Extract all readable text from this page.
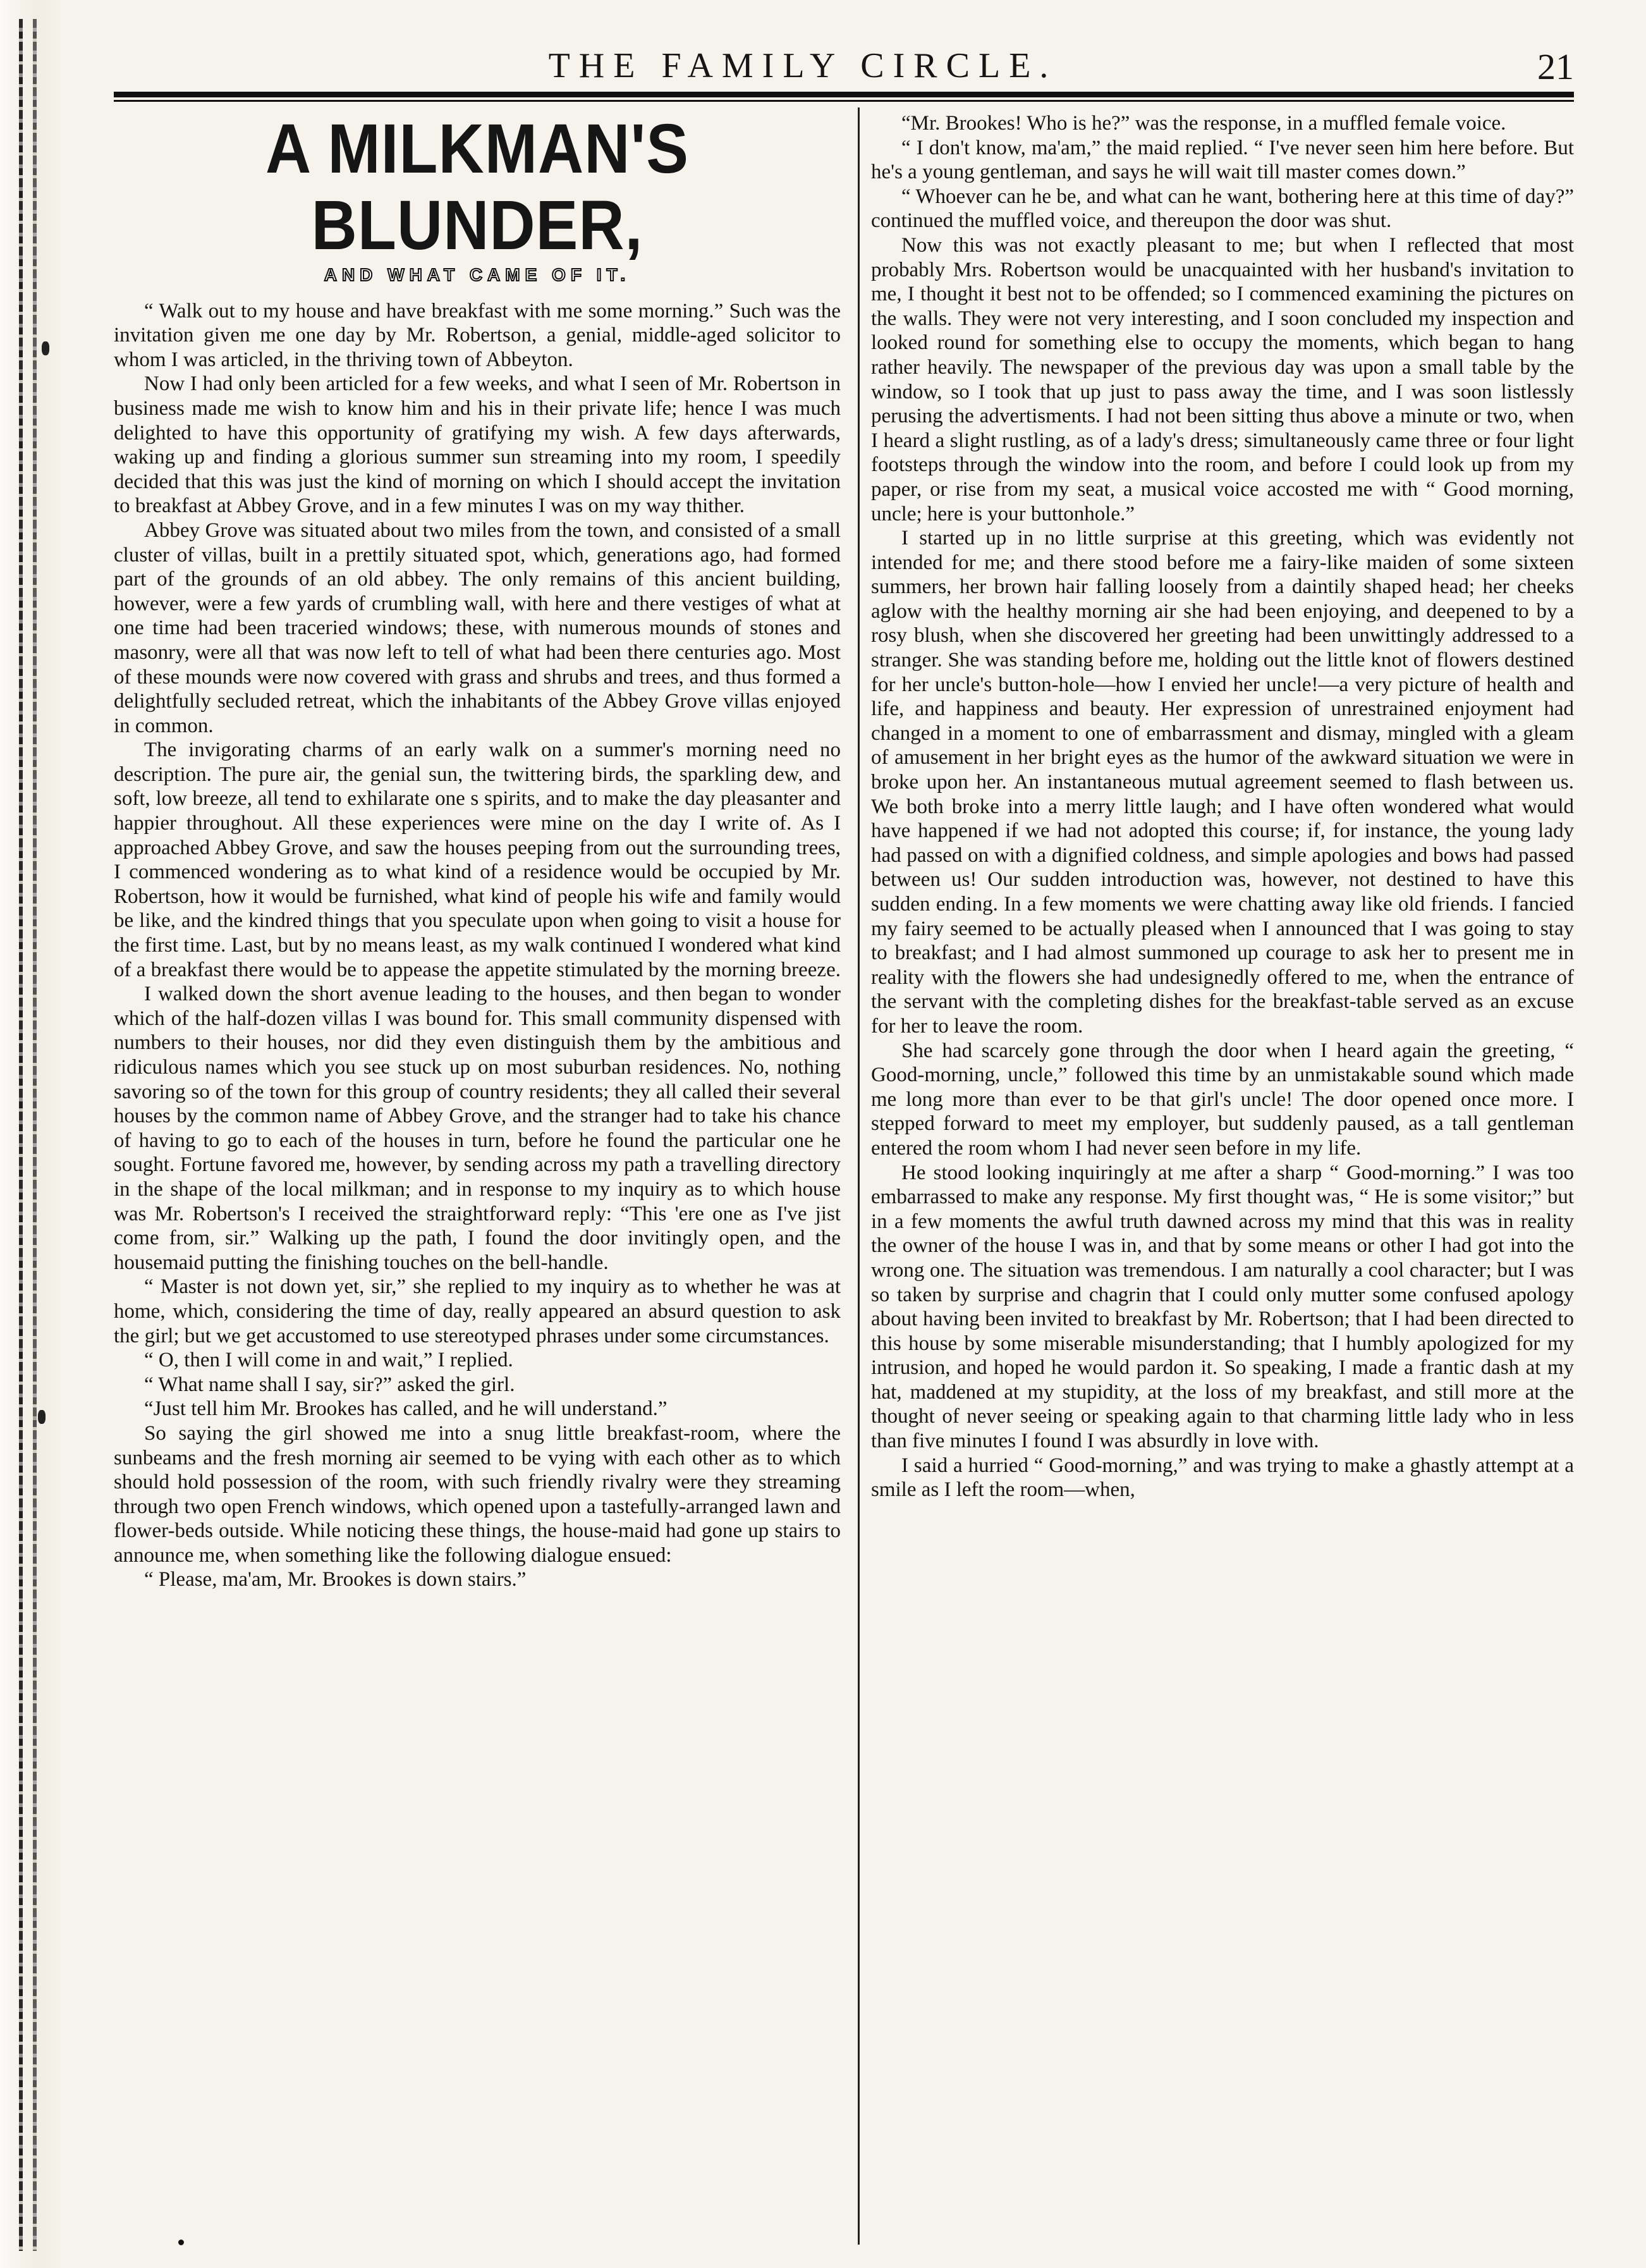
THE FAMILY CIRCLE.	21
A MILKMAN'S BLUNDER,
AND WHAT CAME OF IT.

“ Walk out to my house and have breakfast with me some morning.” Such was the invitation given me one day by Mr. Robertson, a genial, middle-aged solicitor to whom I was articled, in the thriving town of Abbeyton.

Now I had only been articled for a few weeks, and what I seen of Mr. Robertson in business made me wish to know him and his in their private life; hence I was much delighted to have this opportunity of gratifying my wish. A few days afterwards, waking up and finding a glorious summer sun streaming into my room, I speedily decided that this was just the kind of morning on which I should accept the invitation to breakfast at Abbey Grove, and in a few minutes I was on my way thither.

Abbey Grove was situated about two miles from the town, and consisted of a small cluster of villas, built in a prettily situated spot, which, generations ago, had formed part of the grounds of an old abbey. The only remains of this ancient building, however, were a few yards of crumbling wall, with here and there vestiges of what at one time had been traceried windows; these, with numerous mounds of stones and masonry, were all that was now left to tell of what had been there centuries ago. Most of these mounds were now covered with grass and shrubs and trees, and thus formed a delightfully secluded retreat, which the inhabitants of the Abbey Grove villas enjoyed in common.

The invigorating charms of an early walk on a summer's morning need no description. The pure air, the genial sun, the twittering birds, the sparkling dew, and soft, low breeze, all tend to exhilarate one s spirits, and to make the day pleasanter and happier throughout. All these experiences were mine on the day I write of. As I approached Abbey Grove, and saw the houses peeping from out the surrounding trees, I commenced wondering as to what kind of a residence would be occupied by Mr. Robertson, how it would be furnished, what kind of people his wife and family would be like, and the kindred things that you speculate upon when going to visit a house for the first time. Last, but by no means least, as my walk continued I wondered what kind of a breakfast there would be to appease the appetite stimulated by the morning breeze.

I walked down the short avenue leading to the houses, and then began to wonder which of the half-dozen villas I was bound for. This small community dispensed with numbers to their houses, nor did they even distinguish them by the ambitious and ridiculous names which you see stuck up on most suburban residences. No, nothing savoring so of the town for this group of country residents; they all called their several houses by the common name of Abbey Grove, and the stranger had to take his chance of having to go to each of the houses in turn, before he found the particular one he sought. Fortune favored me, however, by sending across my path a travelling directory in the shape of the local milkman; and in response to my inquiry as to which house was Mr. Robertson's I received the straightforward reply: “This 'ere one as I've jist come from, sir.” Walking up the path, I found the door invitingly open, and the housemaid putting the finishing touches on the bell-handle.

“ Master is not down yet, sir,” she replied to my inquiry as to whether he was at home, which, considering the time of day, really appeared an absurd question to ask the girl; but we get accustomed to use stereotyped phrases under some circumstances.

“ O, then I will come in and wait,” I replied.

“ What name shall I say, sir?” asked the girl.

“Just tell him Mr. Brookes has called, and he will understand.”

So saying the girl showed me into a snug little breakfast-room, where the sunbeams and the fresh morning air seemed to be vying with each other as to which should hold possession of the room, with such friendly rivalry were they streaming through two open French windows, which opened upon a tastefully-arranged lawn and flower-beds outside. While noticing these things, the house-maid had gone up stairs to announce me, when something like the following dialogue ensued:

“ Please, ma'am, Mr. Brookes is down stairs.”

“Mr. Brookes! Who is he?” was the response, in a muffled female voice.

“ I don't know, ma'am,” the maid replied. “ I've never seen him here before. But he's a young gentleman, and says he will wait till master comes down.”

“ Whoever can he be, and what can he want, bothering here at this time of day?” continued the muffled voice, and thereupon the door was shut.

Now this was not exactly pleasant to me; but when I reflected that most probably Mrs. Robertson would be unacquainted with her husband's invitation to me, I thought it best not to be offended; so I commenced examining the pictures on the walls. They were not very interesting, and I soon concluded my inspection and looked round for something else to occupy the moments, which began to hang rather heavily. The newspaper of the previous day was upon a small table by the window, so I took that up just to pass away the time, and I was soon listlessly perusing the advertisments. I had not been sitting thus above a minute or two, when I heard a slight rustling, as of a lady's dress; simultaneously came three or four light footsteps through the window into the room, and before I could look up from my paper, or rise from my seat, a musical voice accosted me with “ Good morning, uncle; here is your buttonhole.”

I started up in no little surprise at this greeting, which was evidently not intended for me; and there stood before me a fairy-like maiden of some sixteen summers, her brown hair falling loosely from a daintily shaped head; her cheeks aglow with the healthy morning air she had been enjoying, and deepened to by a rosy blush, when she discovered her greeting had been unwittingly addressed to a stranger. She was standing before me, holding out the little knot of flowers destined for her uncle's button-hole—how I envied her uncle!—a very picture of health and life, and happiness and beauty. Her expression of unrestrained enjoyment had changed in a moment to one of embarrassment and dismay, mingled with a gleam of amusement in her bright eyes as the humor of the awkward situation we were in broke upon her. An instantaneous mutual agreement seemed to flash between us. We both broke into a merry little laugh; and I have often wondered what would have happened if we had not adopted this course; if, for instance, the young lady had passed on with a dignified coldness, and simple apologies and bows had passed between us! Our sudden introduction was, however, not destined to have this sudden ending. In a few moments we were chatting away like old friends. I fancied my fairy seemed to be actually pleased when I announced that I was going to stay to breakfast; and I had almost summoned up courage to ask her to present me in reality with the flowers she had undesignedly offered to me, when the entrance of the servant with the completing dishes for the breakfast-table served as an excuse for her to leave the room.

She had scarcely gone through the door when I heard again the greeting, “ Good-morning, uncle,” followed this time by an unmistakable sound which made me long more than ever to be that girl's uncle! The door opened once more. I stepped forward to meet my employer, but suddenly paused, as a tall gentleman entered the room whom I had never seen before in my life.

He stood looking inquiringly at me after a sharp “ Good-morning.” I was too embarrassed to make any response. My first thought was, “ He is some visitor;” but in a few moments the awful truth dawned across my mind that this was in reality the owner of the house I was in, and that by some means or other I had got into the wrong one. The situation was tremendous. I am naturally a cool character; but I was so taken by surprise and chagrin that I could only mutter some confused apology about having been invited to breakfast by Mr. Robertson; that I had been directed to this house by some miserable misunderstanding; that I humbly apologized for my intrusion, and hoped he would pardon it. So speaking, I made a frantic dash at my hat, maddened at my stupidity, at the loss of my breakfast, and still more at the thought of never seeing or speaking again to that charming little lady who in less than five minutes I found I was absurdly in love with.

I said a hurried “ Good-morning,” and was trying to make a ghastly attempt at a smile as I left the room—when,
